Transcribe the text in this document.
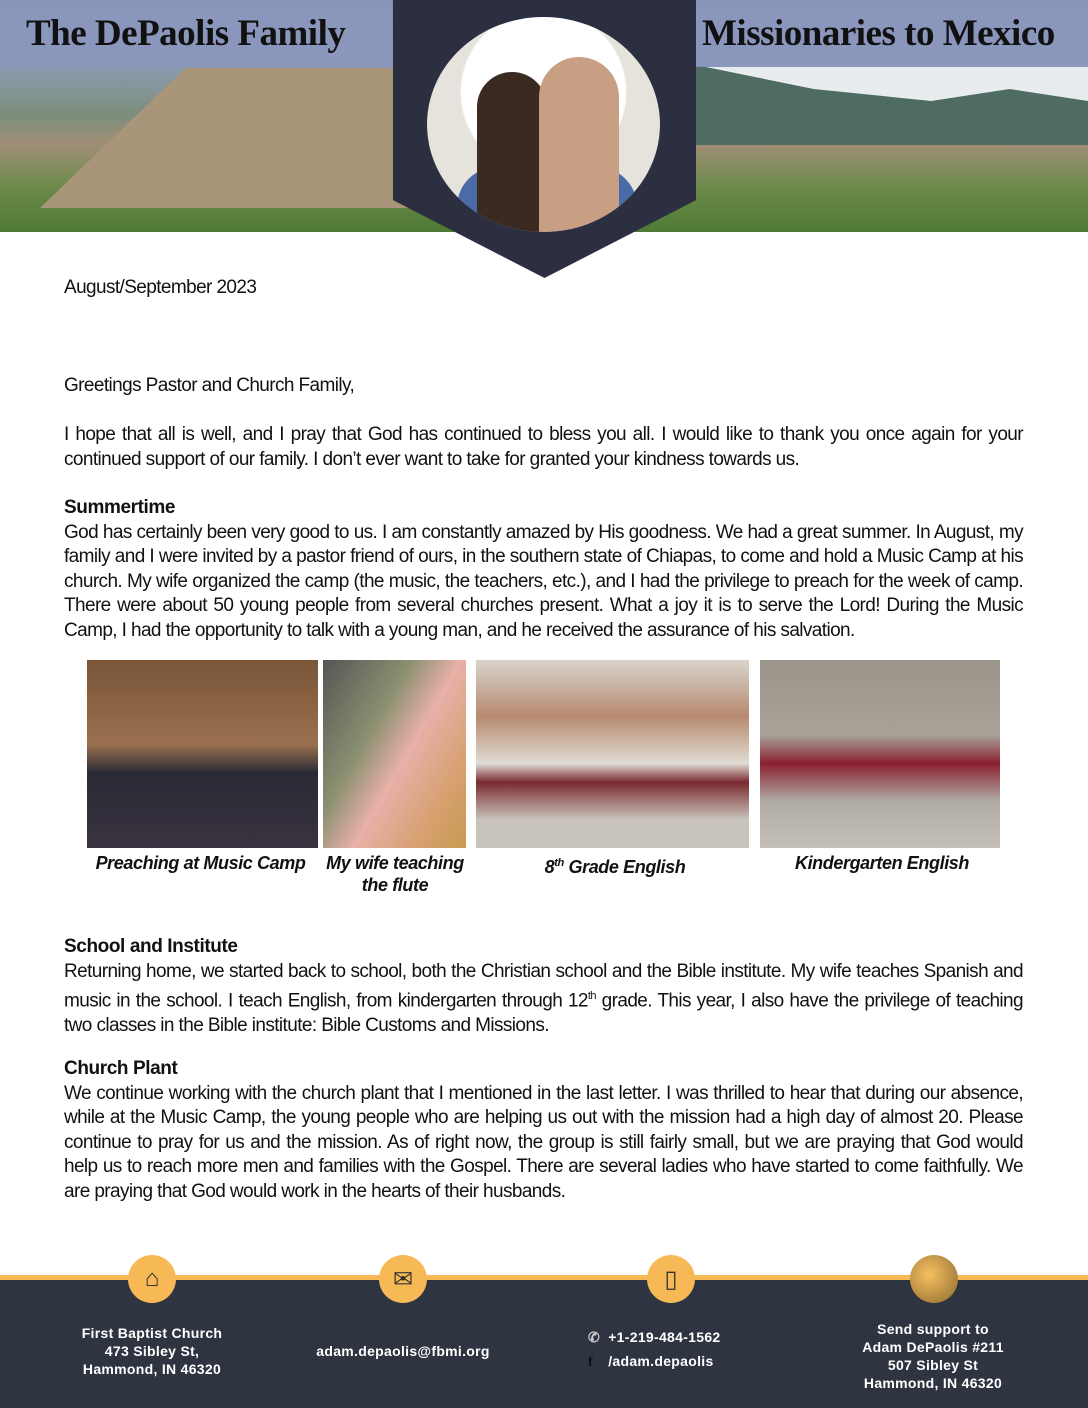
The DePaolis Family	Missionaries to Mexico
August/September 2023
Greetings Pastor and Church Family,
I hope that all is well, and I pray that God has continued to bless you all. I would like to thank you once again for your continued support of our family. I don’t ever want to take for granted your kindness towards us.
Summertime

God has certainly been very good to us. I am constantly amazed by His goodness. We had a great summer. In August, my family and I were invited by a pastor friend of ours, in the southern state of Chiapas, to come and hold a Music Camp at his church. My wife organized the camp (the music, the teachers, etc.), and I had the privilege to preach for the week of camp. There were about 50 young people from several churches present. What a joy it is to serve the Lord! During the Music Camp, I had the opportunity to talk with a young man, and he received the assurance of his salvation.

Preaching at Music Camp	My wife teaching
the flute
8th Grade English	Kindergarten English
School and Institute

Returning home, we started back to school, both the Christian school and the Bible institute. My wife teaches Spanish and music in the school. I teach English, from kindergarten through 12th grade. This year, I also have the privilege of teaching two classes in the Bible institute: Bible Customs and Missions.

Church Plant

We continue working with the church plant that I mentioned in the last letter. I was thrilled to hear that during our absence, while at the Music Camp, the young people who are helping us out with the mission had a high day of almost 20. Please continue to pray for us and the mission. As of right now, the group is still fairly small, but we are praying that God would help us to reach more men and families with the Gospel. There are several ladies who have started to come faithfully. We are praying that God would work in the hearts of their husbands.

⌂	✉	▯
First Baptist Church
473 Sibley St,
Hammond, IN 46320
adam.depaolis@fbmi.org
✆ +1-219-484-1562
f /adam.depaolis
Send support to
Adam DePaolis #211
507 Sibley St
Hammond, IN 46320
